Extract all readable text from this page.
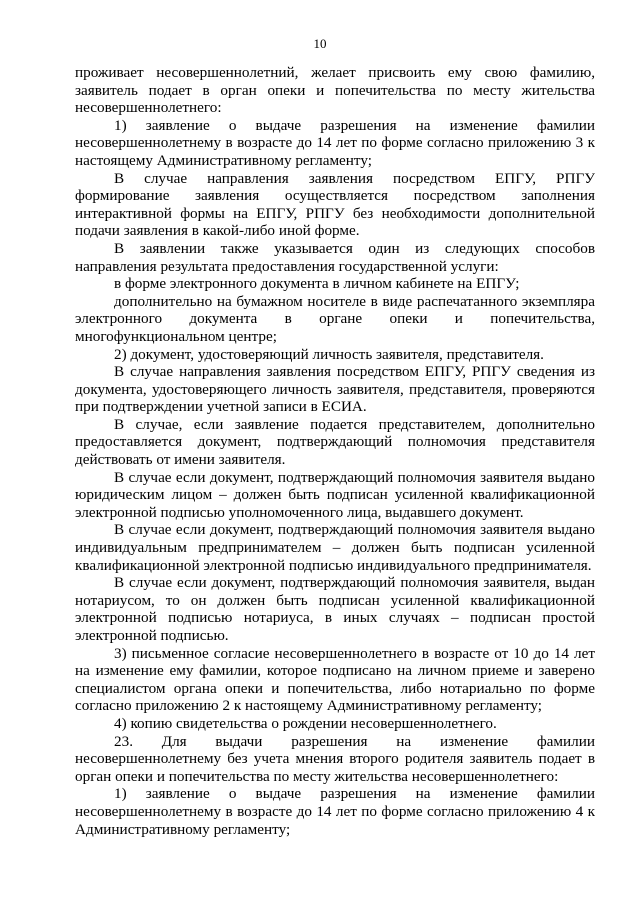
10

проживает несовершеннолетний, желает присвоить ему свою фамилию, заявитель подает в орган опеки и попечительства по месту жительства несовершеннолетнего:

1) заявление о выдаче разрешения на изменение фамилии несовершеннолетнему в возрасте до 14 лет по форме согласно приложению 3 к настоящему Административному регламенту;

В случае направления заявления посредством ЕПГУ, РПГУ формирование заявления осуществляется посредством заполнения интерактивной формы на ЕПГУ, РПГУ без необходимости дополнительной подачи заявления в какой-либо иной форме.

В заявлении также указывается один из следующих способов направления результата предоставления государственной услуги:

в форме электронного документа в личном кабинете на ЕПГУ;

дополнительно на бумажном носителе в виде распечатанного экземпляра электронного документа в органе опеки и попечительства, многофункциональном центре;

2) документ, удостоверяющий личность заявителя, представителя.

В случае направления заявления посредством ЕПГУ, РПГУ сведения из документа, удостоверяющего личность заявителя, представителя, проверяются при подтверждении учетной записи в ЕСИА.

В случае, если заявление подается представителем, дополнительно предоставляется документ, подтверждающий полномочия представителя действовать от имени заявителя.

В случае если документ, подтверждающий полномочия заявителя выдано юридическим лицом – должен быть подписан усиленной квалификационной электронной подписью уполномоченного лица, выдавшего документ.

В случае если документ, подтверждающий полномочия заявителя выдано индивидуальным предпринимателем – должен быть подписан усиленной квалификационной электронной подписью индивидуального предпринимателя.

В случае если документ, подтверждающий полномочия заявителя, выдан нотариусом, то он должен быть подписан усиленной квалификационной электронной подписью нотариуса, в иных случаях – подписан простой электронной подписью.

3) письменное согласие несовершеннолетнего в возрасте от 10 до 14 лет на изменение ему фамилии, которое подписано на личном приеме и заверено специалистом органа опеки и попечительства, либо нотариально по форме согласно приложению 2 к настоящему Административному регламенту;

4) копию свидетельства о рождении несовершеннолетнего.

23. Для выдачи разрешения на изменение фамилии несовершеннолетнему без учета мнения второго родителя заявитель подает в орган опеки и попечительства по месту жительства несовершеннолетнего:

1) заявление о выдаче разрешения на изменение фамилии несовершеннолетнему в возрасте до 14 лет по форме согласно приложению 4 к Административному регламенту;
